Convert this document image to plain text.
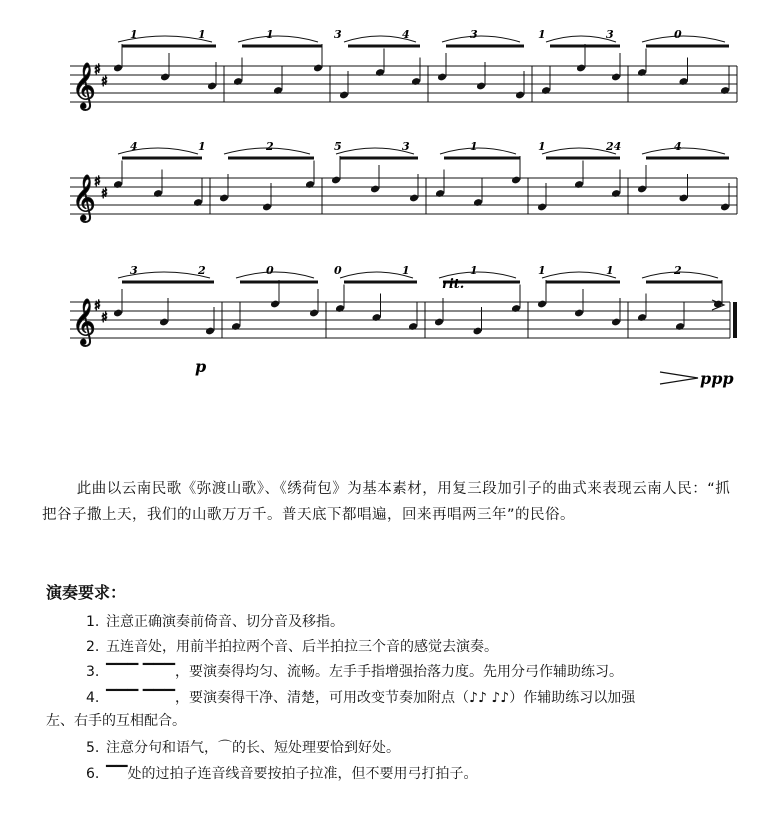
𝄞
♯
♯
𝄞
♯
♯
𝄞
♯
♯
1	1	1	3	4	3	1	3	0
4	1	2	5	3	1	1	24	4
3	2	0	0	1	1	1	1	2
rit.
p
ppp

此曲以云南民歌《弥渡山歌》、《绣荷包》为基本素材，用复三段加引子的曲式来表现云南人民：“抓把谷子撒上天，我们的山歌万万千。普天底下都唱遍，回来再唱两三年”的民俗。

演奏要求：
1. 注意正确演奏前倚音、切分音及移指。
2. 五连音处，用前半拍拉两个音、后半拍拉三个音的感觉去演奏。
3. ▔▔▔ ▔▔▔，要演奏得均匀、流畅。左手手指增强抬落力度。先用分弓作辅助练习。
4. ▔▔▔ ▔▔▔，要演奏得干净、清楚，可用改变节奏加附点（♪♪ ♪♪）作辅助练习以加强
左、右手的互相配合。
5. 注意分句和语气，⌒的长、短处理要恰到好处。
6. ▔▔处的过拍子连音线音要按拍子拉准，但不要用弓打拍子。
